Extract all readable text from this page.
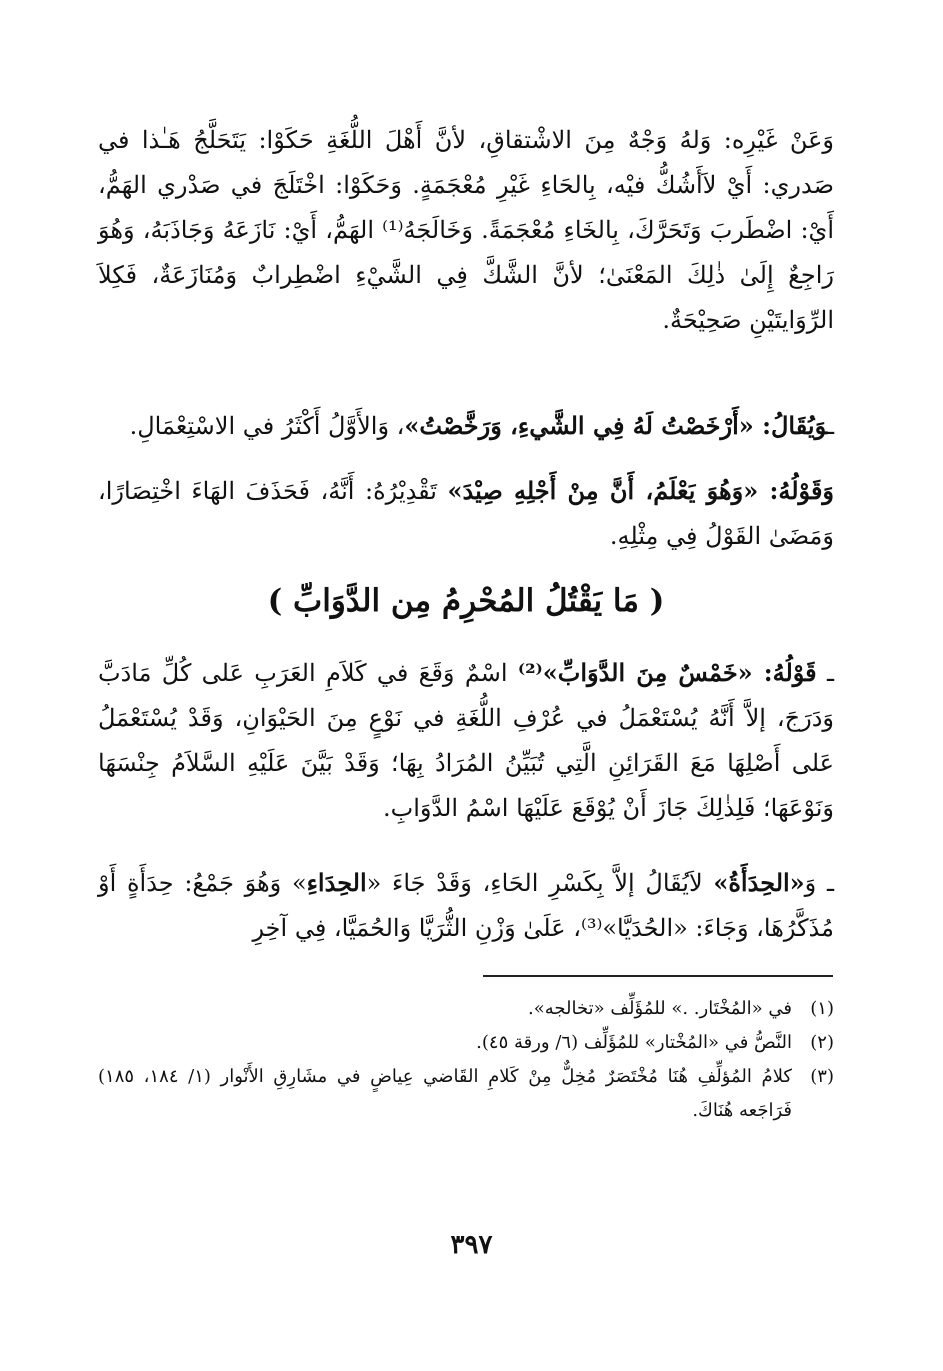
وَعَنْ غَيْرِه: وَلهُ وَجْهٌ مِنَ الاشْتقاقِ، لأنَّ أَهْلَ اللُّغَةِ حَكَوْا: يَتَحَلَّجُ هَـٰذا في صَدري: أَيْ لاَأَشُكُّ فيْه، بِالحَاءِ غَيْرِ مُعْجَمَةٍ. وَحَكَوْا: اخْتَلَجَ في صَدْري الهَمُّ، أَيْ: اضْطَربَ وَتَحَرَّكَ، بِالخَاءِ مُعْجَمَةً. وَخَالَجَهُ⁽¹⁾ الهَمُّ، أَيْ: نَازَعَهُ وَجَاذَبَهُ، وَهُوَ رَاجِعٌ إِلَىٰ ذٰلِكَ المَعْنَىٰ؛ لأنَّ الشَّكَّ فِي الشَّيْءِ اضْطِرابٌ وَمُنَازَعَةٌ، فَكِلاَ الرِّوَايتَيْنِ صَحِيْحَةٌ.

ـوَيُقَالُ: «أَرْخَصْتُ لَهُ فِي الشَّيءِ، وَرَخَّصْتُ»، وَالأَوَّلُ أَكْثَرُ في الاسْتِعْمَالِ.

وَقَوْلُهُ: «وَهُوَ يَعْلَمُ، أَنَّ مِنْ أَجْلِهِ صِيْدَ» تَقْدِيْرُهُ: أَنَّهُ، فَحَذَفَ الهَاءَ اخْتِصَارًا، وَمَضَىٰ القَوْلُ فِي مِثْلِهِ.

( مَا يَقْتُلُ المُحْرِمُ مِن الدَّوَابِّ )

ـ قَوْلُهُ: «خَمْسٌ مِنَ الدَّوَابِّ»⁽²⁾ اسْمٌ وَقَعَ في كَلاَمِ العَرَبِ عَلى كُلِّ مَادَبَّ وَدَرَجَ، إلاَّ أَنَّهُ يُسْتَعْمَلُ في عُرْفِ اللُّغَةِ في نَوْعٍ مِنَ الحَيْوَانِ، وَقَدْ يُسْتَعْمَلُ عَلى أَصْلِهَا مَعَ القَرَائِنِ الَّتِي تُبَيِّنُ المُرَادُ بِهَا؛ وَقَدْ بَيَّنَ عَلَيْهِ السَّلاَمُ جِنْسَهَا وَنَوْعَهَا؛ فَلِذٰلِكَ جَازَ أَنْ يُوْقَعَ عَلَيْهَا اسْمُ الدَّوَابِ.

ـ وَ«الحِدَأَةُ» لاَيُقَالُ إلاَّ بِكَسْرِ الحَاءِ، وَقَدْ جَاءَ «الحِدَاءِ» وَهُوَ جَمْعُ: حِدَأَةٍ أَوْ مُذَكَّرُهَا، وَجَاءَ: «الحُدَيَّا»⁽³⁾، عَلَىٰ وَزْنِ الثُّرَيَّا وَالحُمَيَّا، فِي آخِرِ

(١)
في «المُخْتَار. .» للمُؤَلِّف «تخالجه».
(٢)
النَّصُّ في «المُخْتار» للمُؤَلِّف (٦/ ورقة ٤٥).
(٣)
كلامُ المُؤلِّفِ هُنَا مُخْتَصَرٌ مُخِلٌّ مِنْ كَلامِ القَاضي عِياضٍ في مشَارِقِ الأَنْوار (١/ ١٨٤، ١٨٥) فَرَاجَعه هُنَاكَ.
٣٩٧
